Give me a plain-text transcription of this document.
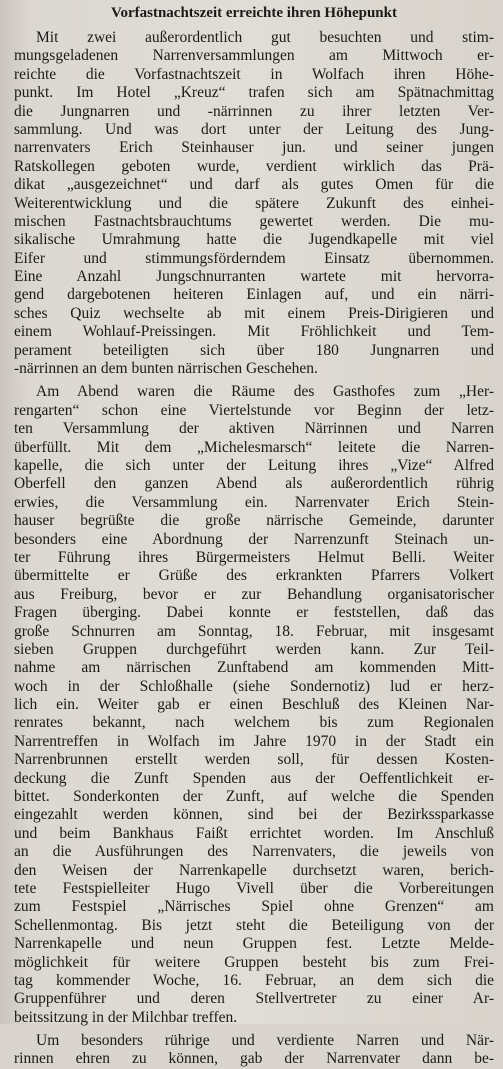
Vorfastnachtszeit erreichte ihren Höhepunkt
Mit zwei außerordentlich gut besuchten und stim-
mungsgeladenen Narrenversammlungen am Mittwoch er-
reichte die Vorfastnachtszeit in Wolfach ihren Höhe-
punkt. Im Hotel „Kreuz“ trafen sich am Spätnachmittag
die Jungnarren und -närrinnen zu ihrer letzten Ver-
sammlung. Und was dort unter der Leitung des Jung-
narrenvaters Erich Steinhauser jun. und seiner jungen
Ratskollegen geboten wurde, verdient wirklich das Prä-
dikat „ausgezeichnet“ und darf als gutes Omen für die
Weiterentwicklung und die spätere Zukunft des einhei-
mischen Fastnachtsbrauchtums gewertet werden. Die mu-
sikalische Umrahmung hatte die Jugendkapelle mit viel
Eifer und stimmungsförderndem Einsatz übernommen.
Eine Anzahl Jungschnurranten wartete mit hervorra-
gend dargebotenen heiteren Einlagen auf, und ein närri-
sches Quiz wechselte ab mit einem Preis-Dirigieren und
einem Wohlauf-Preissingen. Mit Fröhlichkeit und Tem-
perament beteiligten sich über 180 Jungnarren und
-närrinnen an dem bunten närrischen Geschehen.
Am Abend waren die Räume des Gasthofes zum „Her-
rengarten“ schon eine Viertelstunde vor Beginn der letz-
ten Versammlung der aktiven Närrinnen und Narren
überfüllt. Mit dem „Michelesmarsch“ leitete die Narren-
kapelle, die sich unter der Leitung ihres „Vize“ Alfred
Oberfell den ganzen Abend als außerordentlich rührig
erwies, die Versammlung ein. Narrenvater Erich Stein-
hauser begrüßte die große närrische Gemeinde, darunter
besonders eine Abordnung der Narrenzunft Steinach un-
ter Führung ihres Bürgermeisters Helmut Belli. Weiter
übermittelte er Grüße des erkrankten Pfarrers Volkert
aus Freiburg, bevor er zur Behandlung organisatorischer
Fragen überging. Dabei konnte er feststellen, daß das
große Schnurren am Sonntag, 18. Februar, mit insgesamt
sieben Gruppen durchgeführt werden kann. Zur Teil-
nahme am närrischen Zunftabend am kommenden Mitt-
woch in der Schloßhalle (siehe Sondernotiz) lud er herz-
lich ein. Weiter gab er einen Beschluß des Kleinen Nar-
renrates bekannt, nach welchem bis zum Regionalen
Narrentreffen in Wolfach im Jahre 1970 in der Stadt ein
Narrenbrunnen erstellt werden soll, für dessen Kosten-
deckung die Zunft Spenden aus der Oeffentlichkeit er-
bittet. Sonderkonten der Zunft, auf welche die Spenden
eingezahlt werden können, sind bei der Bezirkssparkasse
und beim Bankhaus Faißt errichtet worden. Im Anschluß
an die Ausführungen des Narrenvaters, die jeweils von
den Weisen der Narrenkapelle durchsetzt waren, berich-
tete Festspielleiter Hugo Vivell über die Vorbereitungen
zum Festspiel „Närrisches Spiel ohne Grenzen“ am
Schellenmontag. Bis jetzt steht die Beteiligung von der
Narrenkapelle und neun Gruppen fest. Letzte Melde-
möglichkeit für weitere Gruppen besteht bis zum Frei-
tag kommender Woche, 16. Februar, an dem sich die
Gruppenführer und deren Stellvertreter zu einer Ar-
beitssitzung in der Milchbar treffen.
Um besonders rührige und verdiente Narren und När-
rinnen ehren zu können, gab der Narrenvater dann be-
